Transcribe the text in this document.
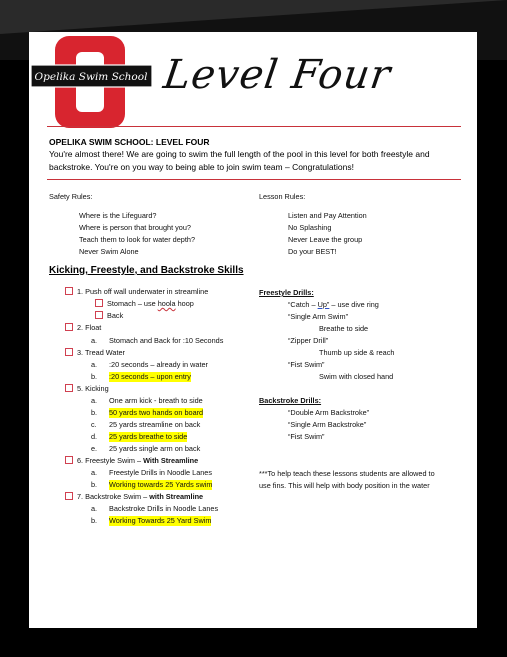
Opelika Swim School Level Four
OPELIKA SWIM SCHOOL: LEVEL FOUR
You're almost there! We are going to swim the full length of the pool in this level for both freestyle and backstroke. You're on you way to being able to join swim team – Congratulations!
Safety Rules:
Where is the Lifeguard?
Where is person that brought you?
Teach them to look for water depth?
Never Swim Alone
Lesson Rules:
Listen and Pay Attention
No Splashing
Never Leave the group
Do your BEST!
Kicking, Freestyle, and Backstroke Skills
1. Push off wall underwater in streamline
Stomach – use hoola hoop
Back
2. Float
a. Stomach and Back for :10 Seconds
3. Tread Water
a. :20 seconds – already in water
b. :20 seconds – upon entry
5. Kicking
a. One arm kick - breath to side
b. 50 yards two hands on board
c. 25 yards streamline on back
d. 25 yards breathe to side
e. 25 yards single arm on back
6. Freestyle Swim – With Streamline
a. Freestyle Drills in Noodle Lanes
b. Working towards 25 Yards swim
7. Backstroke Swim – with Streamline
a. Backstroke Drills in Noodle Lanes
b. Working Towards 25 Yard Swim
Freestyle Drills:
“Catch – Up” – use dive ring
“Single Arm Swim”
Breathe to side
“Zipper Drill”
Thumb up side & reach
“Fist Swim”
Swim with closed hand
Backstroke Drills:
“Double Arm Backstroke”
“Single Arm Backstroke”
“Fist Swim”
***To help teach these lessons students are allowed to use fins. This will help with body position in the water
